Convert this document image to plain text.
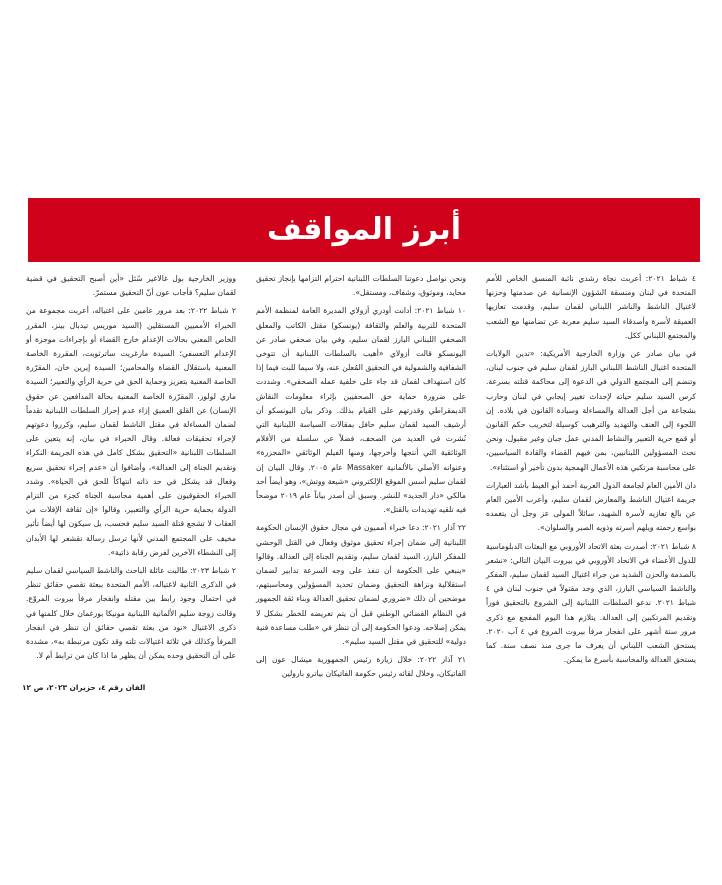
أبرز المواقف

٤ شباط ٢٠٢١: أعربت نجاة رشدي نائبة المنسق الخاص للأمم المتحدة في لبنان ومنسقة الشؤون الإنسانية عن صدمتها وحزنها لاغتيال الناشط والناشر اللبناني لقمان سليم، وقدمت تعازيها العميقة لأسرة وأصدقاء السيد سليم معربة عن تضامنها مع الشعب والمجتمع اللبناني ككل.

في بيان صادر عن وزارة الخارجية الأمريكية: «تدين الولايات المتحدة اغتيال الناشط اللبناني البارز لقمان سليم في جنوب لبنان، وتنضم إلى المجتمع الدولي في الدعوة إلى محاكمة قتلته بسرعة. كرس السيد سليم حياته لإحداث تغيير إيجابي في لبنان وحارب بشجاعة من أجل العدالة والمساءلة وسيادة القانون في بلاده. إن اللجوء إلى العنف والتهديد والترهيب كوسيلة لتخريب حكم القانون أو قمع حرية التعبير والنشاط المدني عمل جبان وغير مقبول، ونحن نحث المسؤولين اللبنانيين، بمن فيهم القضاء والقادة السياسيين، على محاسبة مرتكبي هذه الأعمال الهمجية بدون تأخير أو استثناء».

دان الأمين العام لجامعة الدول العربية أحمد أبو الغيط بأشد العبارات جريمة اغتيال الناشط والمعارض لقمان سليم، وأعرب الأمين العام عن بالغ تعازيه لأسرة الشهيد، سائلاً المولى عز وجل أن يتغمده بواسع رحمته ويلهم أسرته وذويه الصبر والسلوان».

٨ شباط ٢٠٢١: أصدرت بعثة الاتحاد الأوروبي مع البعثات الدبلوماسية للدول الأعضاء في الاتحاد الأوروبي في بيروت البيان التالي: «نشعر بالصدمة والحزن الشديد من جراء اغتيال السيد لقمان سليم، المفكر والناشط السياسي البارز، الذي وجد مقتولاً في جنوب لبنان في ٤ شباط ٢٠٢١. ندعو السلطات اللبنانية إلى الشروع بالتحقيق فوراً وتقديم المرتكبين إلى العدالة. يتلازم هذا اليوم المفجع مع ذكرى مرور ستة أشهر على انفجار مرفأ بيروت المروع في ٤ آب ٢٠٢٠. يستحق الشعب اللبناني أن يعرف ما جرى منذ نصف سنة. كما يستحق العدالة والمحاسبة بأسرع ما يمكن.

ونحن نواصل دعوتنا السلطات اللبنانية احترام التزامها بإنجاز تحقيق محايد، وموثوق، وشفاف، ومستقل».

١٠ شباط ٢٠٢١: أدانت أودري أزولاي المديرة العامة لمنظمة الأمم المتحدة للتربية والعلم والثقافة (يونسكو) مقتل الكاتب والمعلق الصحفي اللبناني البارز لقمان سليم، وفي بيان صحفي صادر عن اليونسكو قالت أزولاي «أهيب بالسلطات اللبنانية أن تتوخى الشفافية والشمولية في التحقيق المُعلن عنه، ولا سيما للبت فيما إذا كان استهداف لقمان قد جاء على خلفية عمله الصحفي». وشددت على ضرورة حماية حق الصحفيين بإثراء معلومات النقاش الديمقراطي وقدرتهم على القيام بذلك. وذكر بيان اليونسكو أن أرشيف السيد لقمان سليم حافل بمقالات السياسة اللبنانية التي نُشرت في العديد من الصحف، فضلاً عن سلسلة من الأفلام الوثائقية التي أنتجها وأخرجها، ومنها الفيلم الوثائقي «المجزرة» وعنوانه الأصلي بالألمانية Massaker عام ٢٠٠٥. وقال البيان إن لقمان سليم أسس الموقع الإلكتروني «شيعة ووتش»، وهو أيضاً أحد مالكي «دار الجديد» للنشر. وسبق أن أصدر بياناً عام ٢٠١٩ موضحاً فيه تلقيه تهديدات بالقتل».

٢٢ آذار ٢٠٢١: دعا خبراء أمميون في مجال حقوق الإنسان الحكومة اللبنانية إلى ضمان إجراء تحقيق موثوق وفعال في القتل الوحشي للمفكر البارز، السيد لقمان سليم، وتقديم الجناة إلى العدالة. وقالوا «ينبغي على الحكومة أن تنفذ على وجه السرعة تدابير لضمان استقلالية ونزاهة التحقيق وضمان تحديد المسؤولين ومحاسبتهم، موضحين أن ذلك «ضروري لضمان تحقيق العدالة وبناء ثقة الجمهور في النظام القضائي الوطني قبل أن يتم تعريضه للخطر بشكل لا يمكن إصلاحه. ودعوا الحكومة إلى أن تنظر في «طلب مساعدة فنية دولية» للتحقيق في مقتل السيد سليم».

٢١ آذار ٢٠٢٢: خلال زيارة رئيس الجمهورية ميشال عون إلى الفاتيكان، وخلال لقائه رئيس حكومة الفاتيكان بياترو بارولين

ووزير الخارجية بول غالاغير سُئل «أين أصبح التحقيق في قضية لقمان سليم؟ فأجاب عون أنّ التحقيق مستمرّ.

٢ شباط ٢٠٢٢: بعد مرور عامين على اغتياله، أعربت مجموعة من الخبراء الأمميين المستقلين (السيد موريس تيدبال بينز، المقرر الخاص المعني بحالات الإعدام خارج القضاء أو بإجراءات موجزة أو الإعدام التعسفي؛ السيدة مارغريت ساترثويت، المقررة الخاصة المعنية باستقلال القضاة والمحامين؛ السيدة إيرين خان، المقرّرة الخاصة المعنية بتعزيز وحماية الحق في حرية الرأي والتعبير؛ السيدة ماري لولور، المقرّرة الخاصة المعنية بحالة المدافعين عن حقوق الإنسان) عن القلق العميق إزاء عدم إحراز السلطات اللبنانية تقدماً لضمان المساءلة في مقتل الناشط لقمان سليم، وكرروا دعوتهم لإجراء تحقيقات فعالة. وقال الخبراء في بيان، إنه يتعين على السلطات اللبنانية «التحقيق بشكل كامل في هذه الجريمة النكراء وتقديم الجناة إلى العدالة»، وأضافوا أن «عدم إجراء تحقيق سريع وفعال قد يشكل في حد ذاته انتهاكاً للحق في الحياة». وشدد الخبراء الحقوقيون على أهمية محاسبة الجناة كجزء من التزام الدولة بحماية حرية الرأي والتعبير، وقالوا «إن ثقافة الإفلات من العقاب لا تشجع قتلة السيد سليم فحسب، بل سيكون لها أيضاً تأثير مخيف على المجتمع المدني لأنها ترسل رسالة تقشعر لها الأبدان إلى النشطاء الآخرين لفرض رقابة ذاتية».

٢ شباط ٢٠٢٣: طالبت عائلة الباحث والناشط السياسي لقمان سليم في الذكرى الثانية لاغتياله، الأمم المتحدة ببعثة تقصي حقائق تنظر في احتمال وجود رابط بين مقتله وانفجار مرفأ بيروت المروّع. وقالت زوجة سليم الألمانية اللبنانية مونيكا بورغمان خلال كلمتها في ذكرى الاغتيال «نود من بعثة تقصي حقائق أن تنظر في انفجار المرفأ وكذلك في ثلاثة اغتيالات تلته وقد تكون مرتبطة به»، مشددة على أن التحقيق وحده يمكن أن يظهر ما اذا كان من ترابط أم لا.

الفان رقم ٤، حزيران ٢٠٢٣، ص ١٢
